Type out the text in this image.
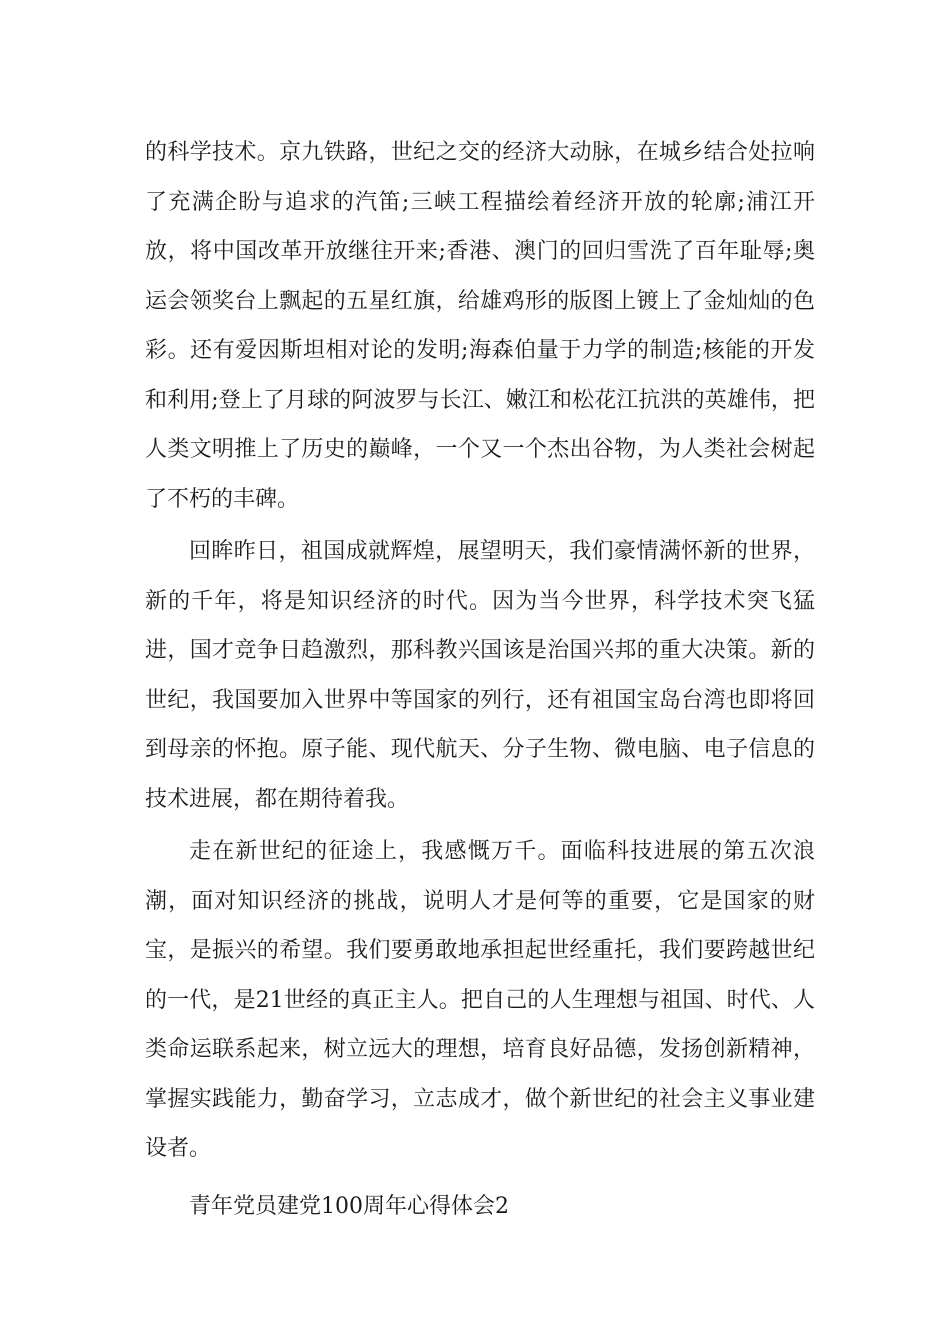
的科学技术。京九铁路，世纪之交的经济大动脉，在城乡结合处拉响了充满企盼与追求的汽笛;三峡工程描绘着经济开放的轮廓;浦江开放，将中国改革开放继往开来;香港、澳门的回归雪洗了百年耻辱;奥运会领奖台上飘起的五星红旗，给雄鸡形的版图上镀上了金灿灿的色彩。还有爱因斯坦相对论的发明;海森伯量于力学的制造;核能的开发和利用;登上了月球的阿波罗与长江、嫩江和松花江抗洪的英雄伟，把人类文明推上了历史的巅峰，一个又一个杰出谷物，为人类社会树起了不朽的丰碑。

回眸昨日，祖国成就辉煌，展望明天，我们豪情满怀新的世界，新的千年，将是知识经济的时代。因为当今世界，科学技术突飞猛进，国才竞争日趋激烈，那科教兴国该是治国兴邦的重大决策。新的世纪，我国要加入世界中等国家的列行，还有祖国宝岛台湾也即将回到母亲的怀抱。原子能、现代航天、分子生物、微电脑、电子信息的技术进展，都在期待着我。

走在新世纪的征途上，我感慨万千。面临科技进展的第五次浪潮，面对知识经济的挑战，说明人才是何等的重要，它是国家的财宝，是振兴的希望。我们要勇敢地承担起世经重托，我们要跨越世纪的一代，是21世经的真正主人。把自己的人生理想与祖国、时代、人类命运联系起来，树立远大的理想，培育良好品德，发扬创新精神，掌握实践能力，勤奋学习，立志成才，做个新世纪的社会主义事业建设者。

青年党员建党100周年心得体会2
